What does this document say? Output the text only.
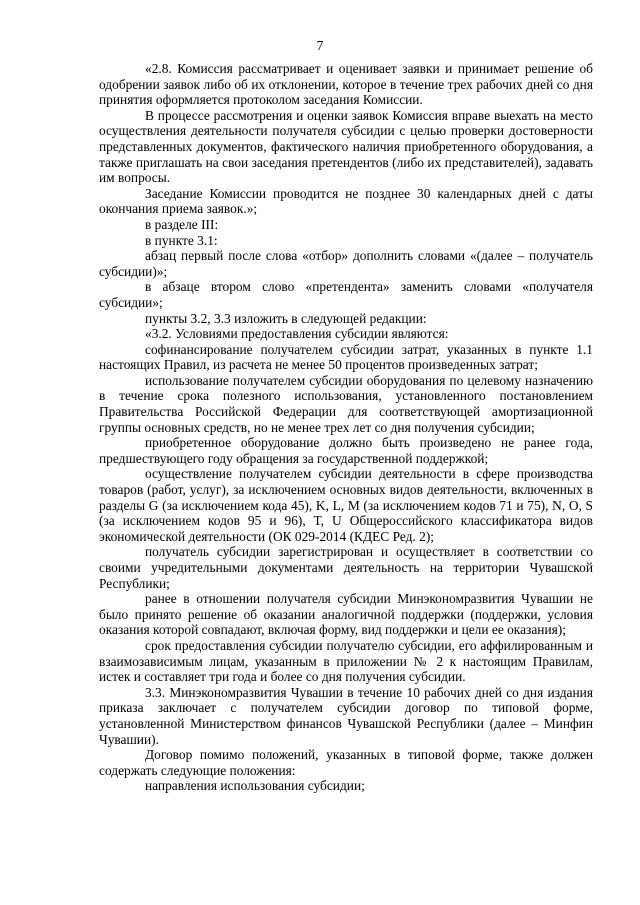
7

«2.8. Комиссия рассматривает и оценивает заявки и принимает решение об одобрении заявок либо об их отклонении, которое в течение трех рабочих дней со дня принятия оформляется протоколом заседания Комиссии.

В процессе рассмотрения и оценки заявок Комиссия вправе выехать на место осуществления деятельности получателя субсидии с целью проверки достоверности представленных документов, фактического наличия приобретенного оборудования, а также приглашать на свои заседания претендентов (либо их представителей), задавать им вопросы.

Заседание Комиссии проводится не позднее 30 календарных дней с даты окончания приема заявок.»;

в разделе III:

в пункте 3.1:

абзац первый после слова «отбор» дополнить словами «(далее – получатель субсидии)»;

в абзаце втором слово «претендента» заменить словами «получателя субсидии»;

пункты 3.2, 3.3 изложить в следующей редакции:

«3.2. Условиями предоставления субсидии являются:

софинансирование получателем субсидии затрат, указанных в пункте 1.1 настоящих Правил, из расчета не менее 50 процентов произведенных затрат;

использование получателем субсидии оборудования по целевому назначению в течение срока полезного использования, установленного постановлением Правительства Российской Федерации для соответствующей амортизационной группы основных средств, но не менее трех лет со дня получения субсидии;

приобретенное оборудование должно быть произведено не ранее года, предшествующего году обращения за государственной поддержкой;

осуществление получателем субсидии деятельности в сфере производства товаров (работ, услуг), за исключением основных видов деятельности, включенных в разделы G (за исключением кода 45), K, L, M (за исключением кодов 71 и 75), N, O, S (за исключением кодов 95 и 96), T, U Общероссийского классификатора видов экономической деятельности (ОК 029-2014 (КДЕС Ред. 2);

получатель субсидии зарегистрирован и осуществляет в соответствии со своими учредительными документами деятельность на территории Чувашской Республики;

ранее в отношении получателя субсидии Минэкономразвития Чувашии не было принято решение об оказании аналогичной поддержки (поддержки, условия оказания которой совпадают, включая форму, вид поддержки и цели ее оказания);

срок предоставления субсидии получателю субсидии, его аффилированным и взаимозависимым лицам, указанным в приложении № 2 к настоящим Правилам, истек и составляет три года и более со дня получения субсидии.

3.3. Минэкономразвития Чувашии в течение 10 рабочих дней со дня издания приказа заключает с получателем субсидии договор по типовой форме, установленной Министерством финансов Чувашской Республики (далее – Минфин Чувашии).

Договор помимо положений, указанных в типовой форме, также должен содержать следующие положения:

направления использования субсидии;
